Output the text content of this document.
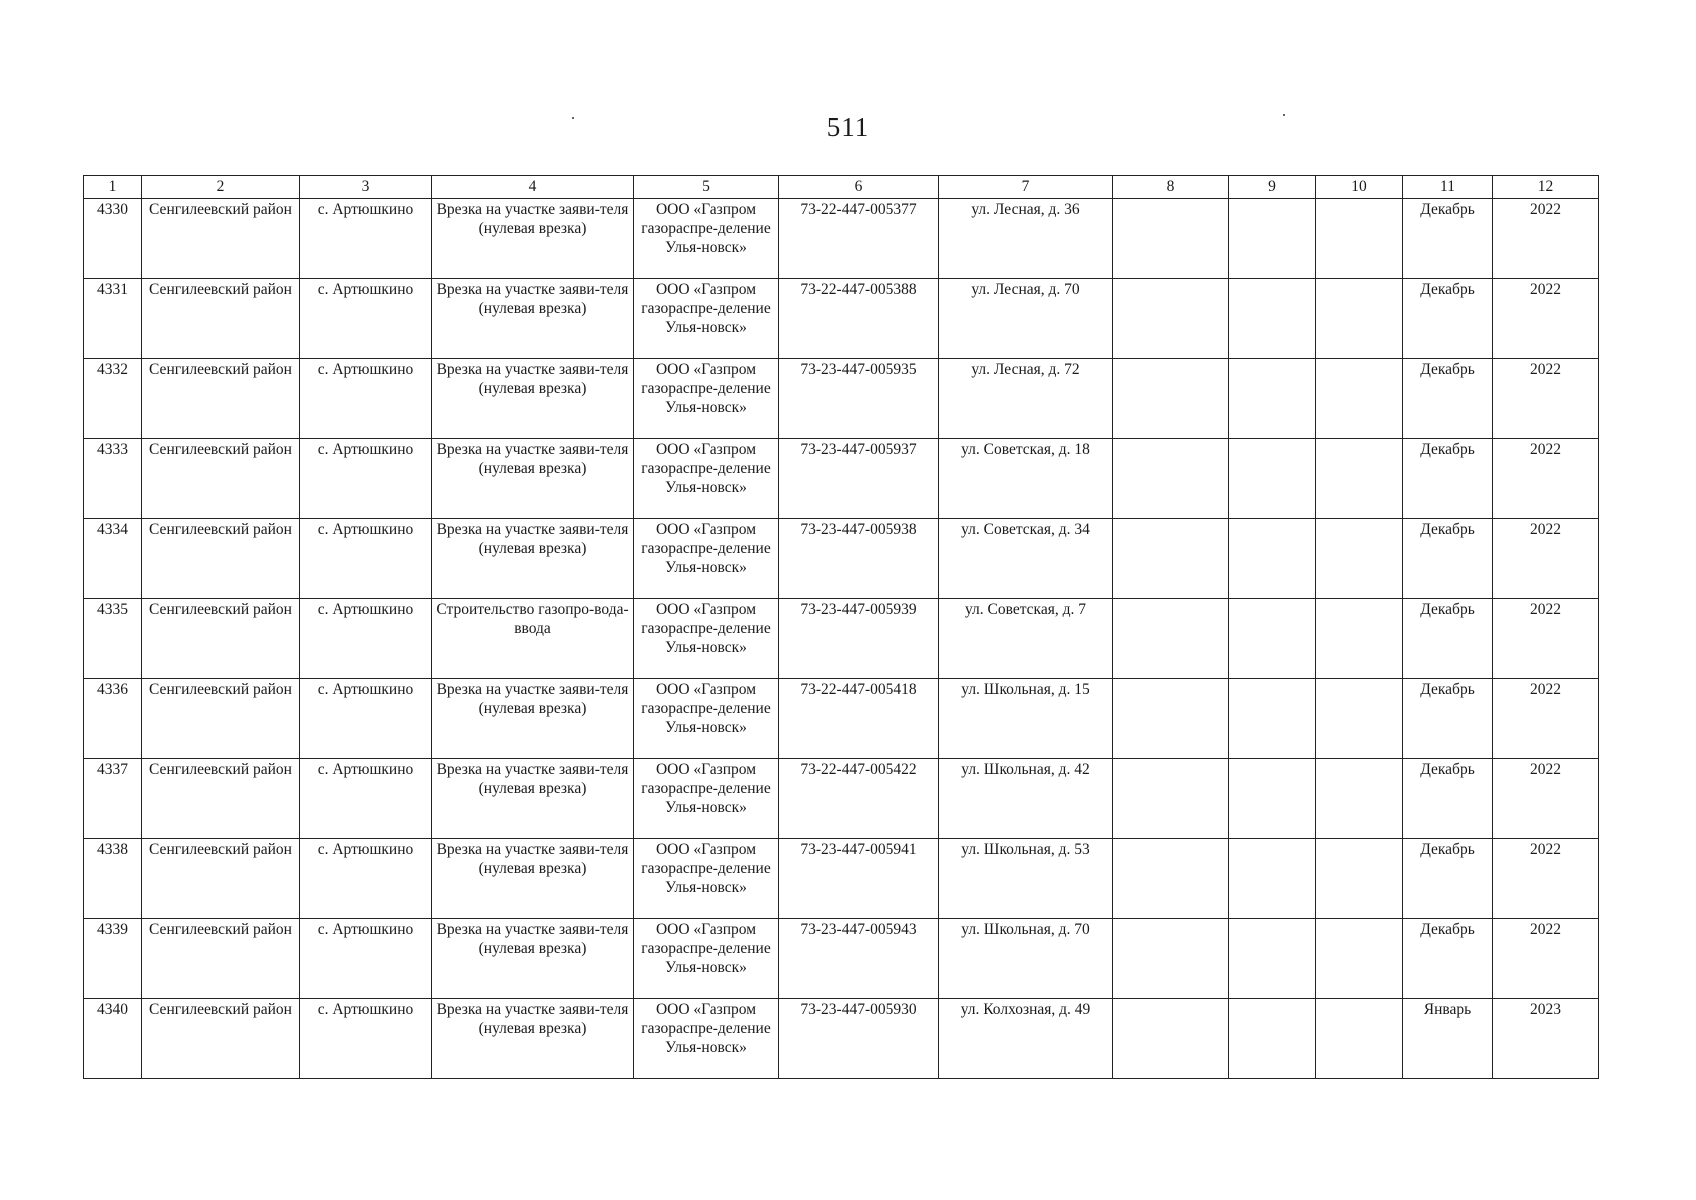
511
1	2	3	4	5	6	7	8	9	10	11	12
4330	Сенгилеевский район	с. Артюшкино	Врезка на участке заяви-теля (нулевая врезка)	ООО «Газпром газораспре-деление Улья-новск»	73-22-447-005377	ул. Лесная, д. 36				Декабрь	2022
4331	Сенгилеевский район	с. Артюшкино	Врезка на участке заяви-теля (нулевая врезка)	ООО «Газпром газораспре-деление Улья-новск»	73-22-447-005388	ул. Лесная, д. 70				Декабрь	2022
4332	Сенгилеевский район	с. Артюшкино	Врезка на участке заяви-теля (нулевая врезка)	ООО «Газпром газораспре-деление Улья-новск»	73-23-447-005935	ул. Лесная, д. 72				Декабрь	2022
4333	Сенгилеевский район	с. Артюшкино	Врезка на участке заяви-теля (нулевая врезка)	ООО «Газпром газораспре-деление Улья-новск»	73-23-447-005937	ул. Советская, д. 18				Декабрь	2022
4334	Сенгилеевский район	с. Артюшкино	Врезка на участке заяви-теля (нулевая врезка)	ООО «Газпром газораспре-деление Улья-новск»	73-23-447-005938	ул. Советская, д. 34				Декабрь	2022
4335	Сенгилеевский район	с. Артюшкино	Строительство газопро-вода-ввода	ООО «Газпром газораспре-деление Улья-новск»	73-23-447-005939	ул. Советская, д. 7				Декабрь	2022
4336	Сенгилеевский район	с. Артюшкино	Врезка на участке заяви-теля (нулевая врезка)	ООО «Газпром газораспре-деление Улья-новск»	73-22-447-005418	ул. Школьная, д. 15				Декабрь	2022
4337	Сенгилеевский район	с. Артюшкино	Врезка на участке заяви-теля (нулевая врезка)	ООО «Газпром газораспре-деление Улья-новск»	73-22-447-005422	ул. Школьная, д. 42				Декабрь	2022
4338	Сенгилеевский район	с. Артюшкино	Врезка на участке заяви-теля (нулевая врезка)	ООО «Газпром газораспре-деление Улья-новск»	73-23-447-005941	ул. Школьная, д. 53				Декабрь	2022
4339	Сенгилеевский район	с. Артюшкино	Врезка на участке заяви-теля (нулевая врезка)	ООО «Газпром газораспре-деление Улья-новск»	73-23-447-005943	ул. Школьная, д. 70				Декабрь	2022
4340	Сенгилеевский район	с. Артюшкино	Врезка на участке заяви-теля (нулевая врезка)	ООО «Газпром газораспре-деление Улья-новск»	73-23-447-005930	ул. Колхозная, д. 49				Январь	2023
